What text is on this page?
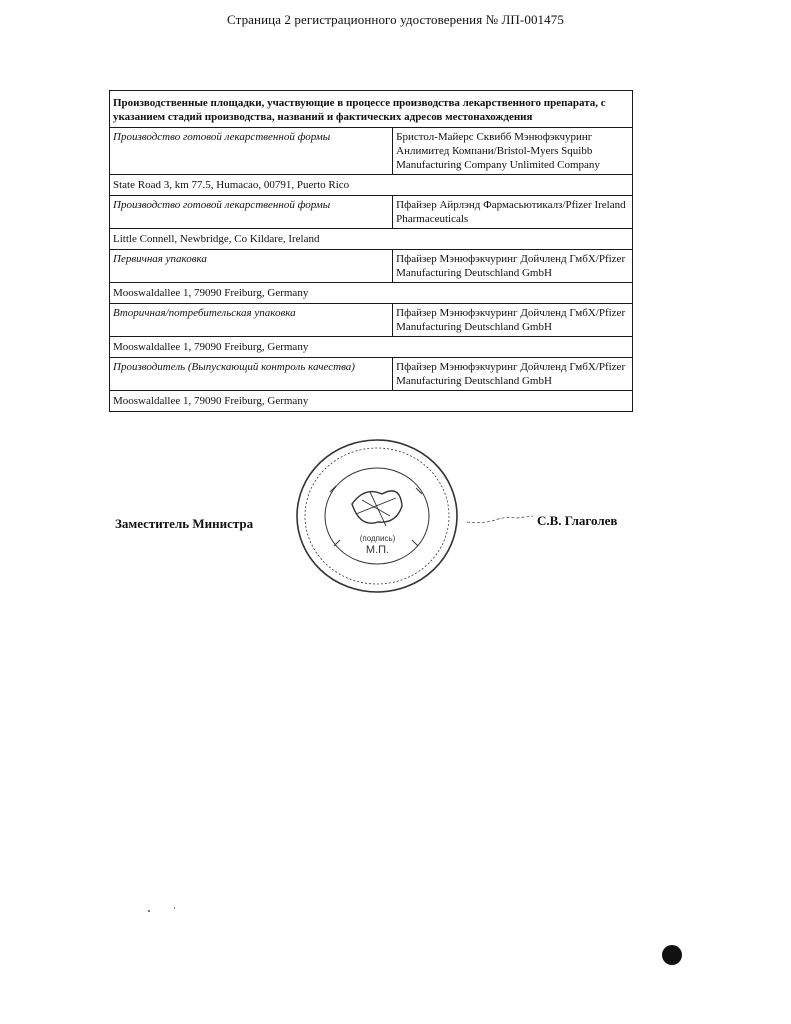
Страница 2 регистрационного удостоверения № ЛП-001475
Производственные площадки, участвующие в процессе производства лекарственного препарата, с указанием стадий производства, названий и фактических адресов местонахождения	
Производство готовой лекарственной формы	Бристол-Майерс Сквибб Мэнюфэкчуринг Анлимитед Компани/Bristol-Myers Squibb Manufacturing Company Unlimited Company
State Road 3, km 77.5, Humacao, 00791, Puerto Rico	
Производство готовой лекарственной формы	Пфайзер Айрлэнд Фармасьютикалз/Pfizer Ireland Pharmaceuticals
Little Connell, Newbridge, Co Kildare, Ireland	
Первичная упаковка	Пфайзер Мэнюфэкчуринг Дойчленд ГмбХ/Pfizer Manufacturing Deutschland GmbH
Mooswaldallee 1, 79090 Freiburg, Germany	
Вторичная/потребительская упаковка	Пфайзер Мэнюфэкчуринг Дойчленд ГмбХ/Pfizer Manufacturing Deutschland GmbH
Mooswaldallee 1, 79090 Freiburg, Germany	
Производитель (Выпускающий контроль качества)	Пфайзер Мэнюфэкчуринг Дойчленд ГмбХ/Pfizer Manufacturing Deutschland GmbH
Mooswaldallee 1, 79090 Freiburg, Germany	
Заместитель Министра	С.В. Глаголев
(подпись)
М.П.
